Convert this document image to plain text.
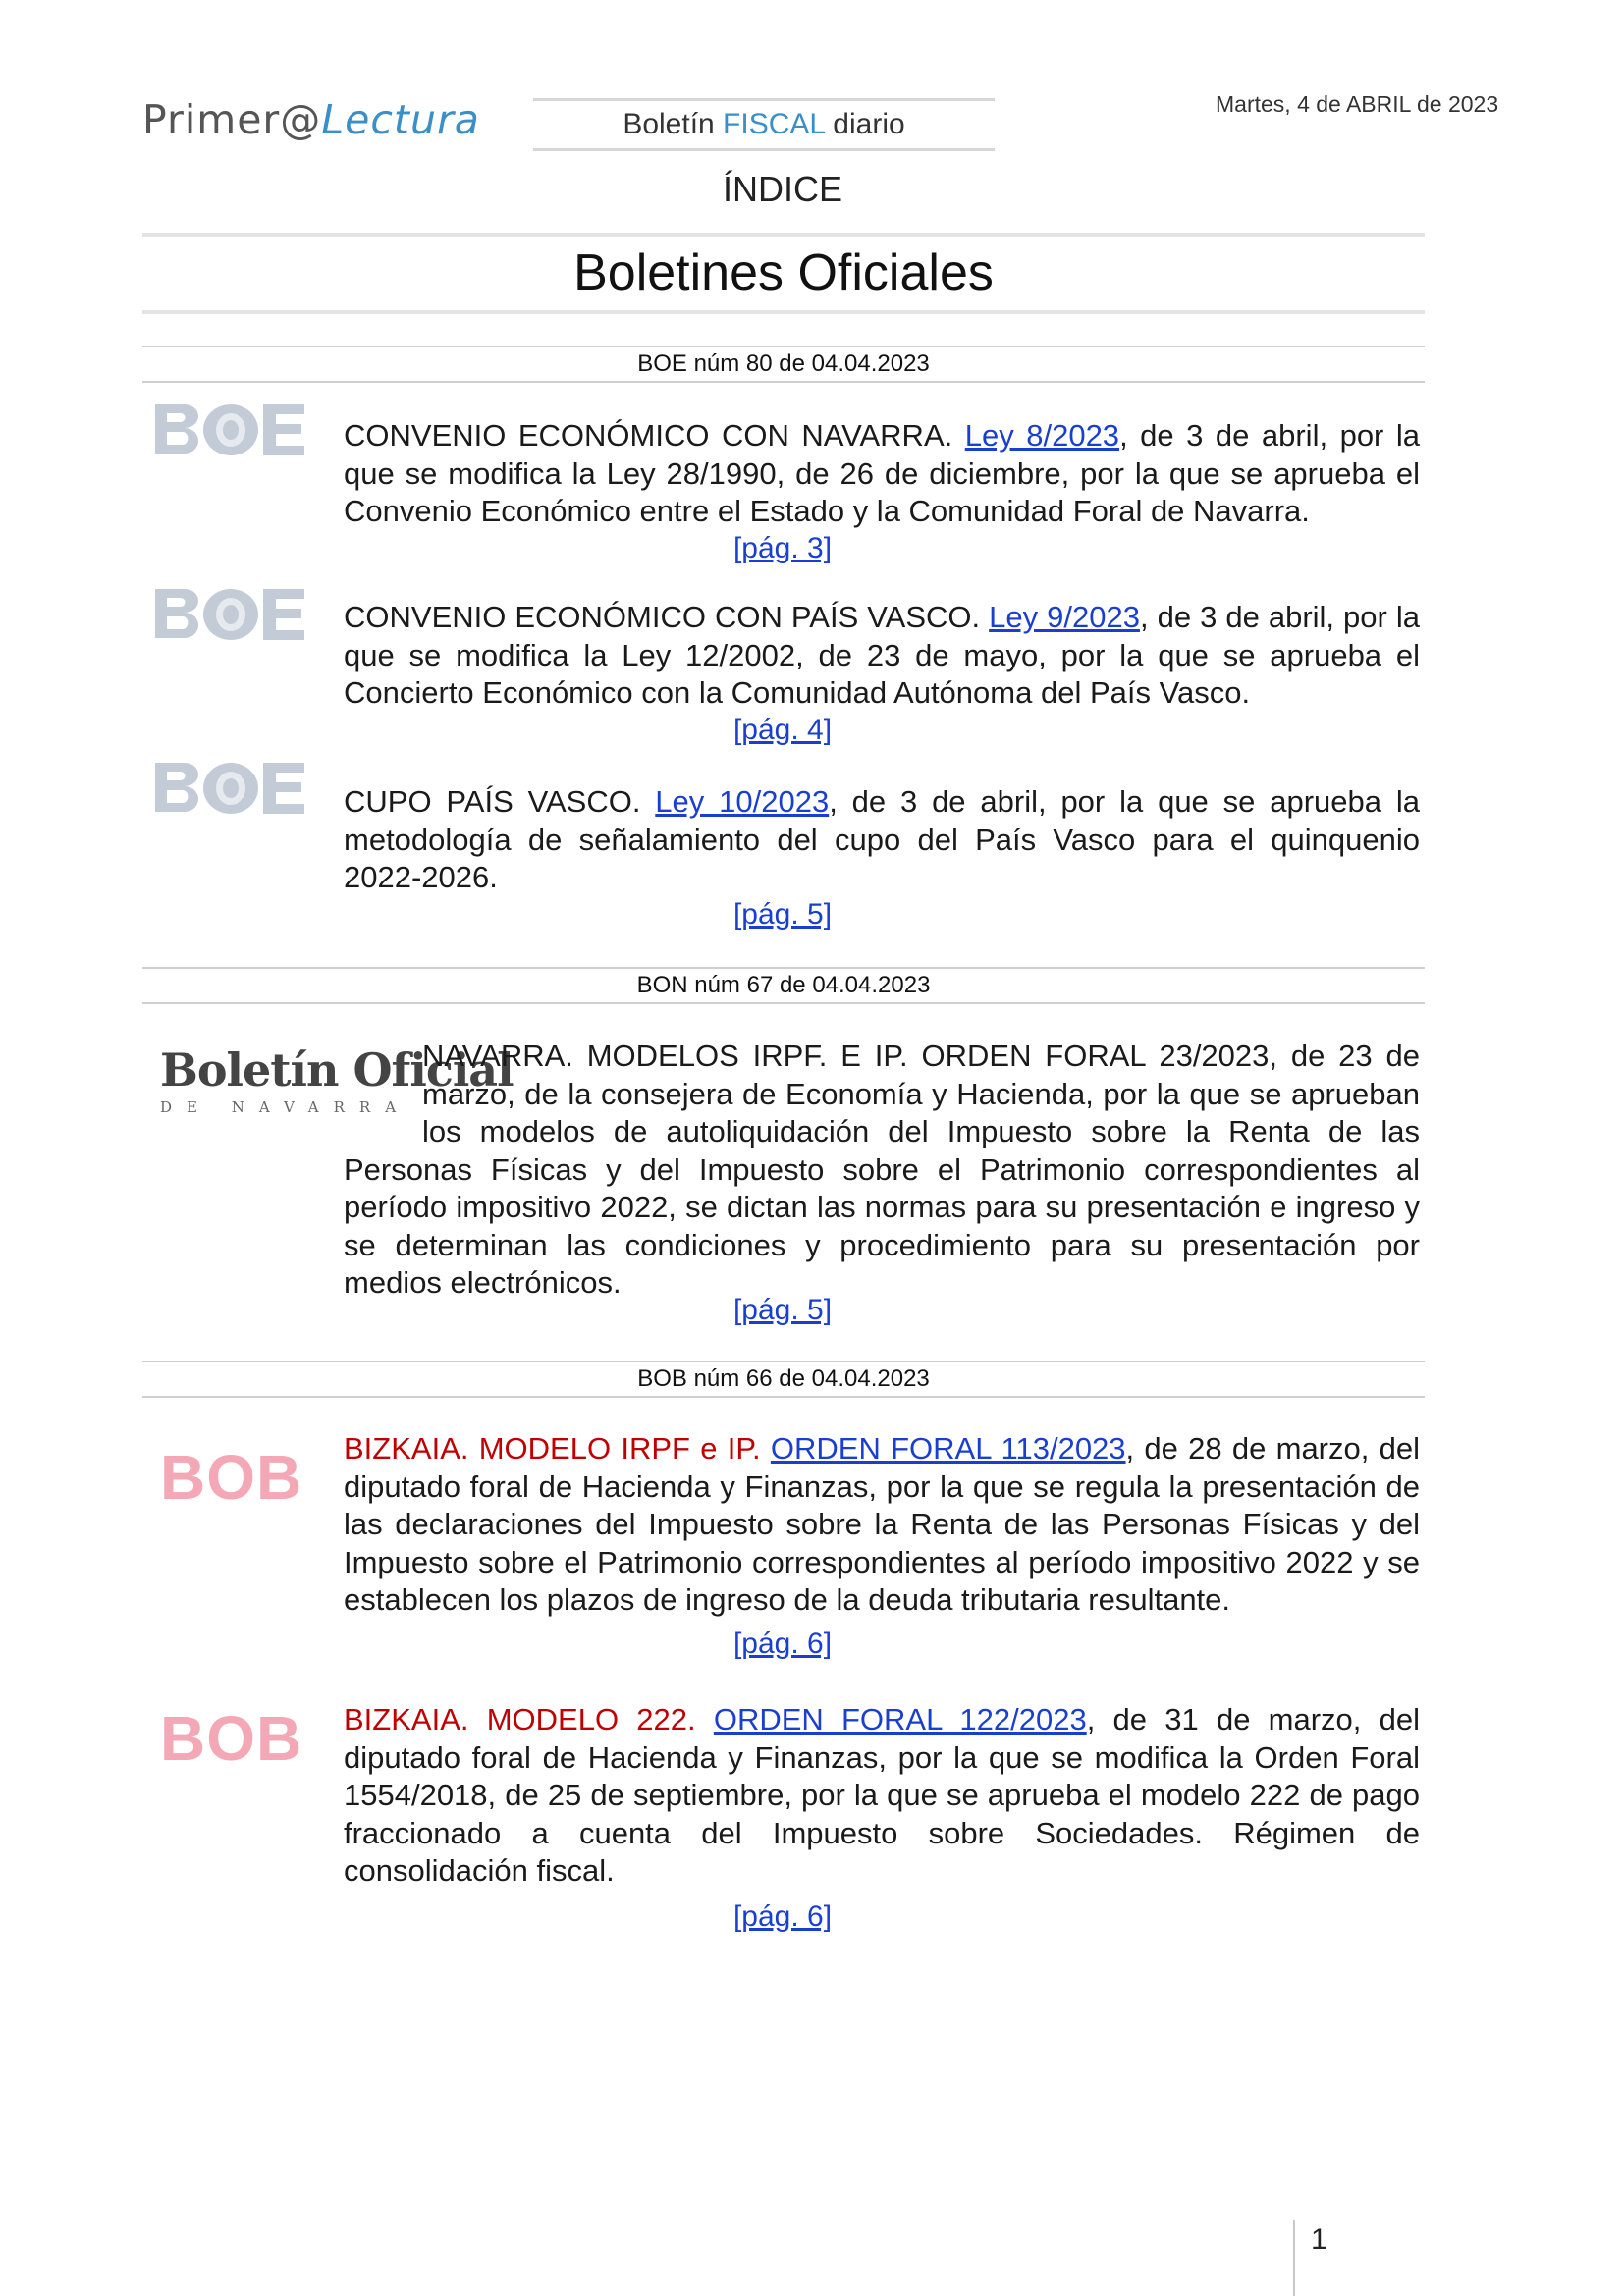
Primer@Lectura	Boletín FISCAL diario
Martes, 4 de ABRIL de 2023
ÍNDICE
Boletines Oficiales
BOE núm 80 de 04.04.2023
CONVENIO ECONÓMICO CON NAVARRA. Ley 8/2023, de 3 de abril, por la que se modifica la Ley 28/1990, de 26 de diciembre, por la que se aprueba el Convenio Económico entre el Estado y la Comunidad Foral de Navarra.
[pág. 3]
CONVENIO ECONÓMICO CON PAÍS VASCO. Ley 9/2023, de 3 de abril, por la que se modifica la Ley 12/2002, de 23 de mayo, por la que se aprueba el Concierto Económico con la Comunidad Autónoma del País Vasco.
[pág. 4]
CUPO PAÍS VASCO. Ley 10/2023, de 3 de abril, por la que se aprueba la metodología de señalamiento del cupo del País Vasco para el quinquenio 2022-2026.
[pág. 5]
BON núm 67 de 04.04.2023
Boletín Oficial
DE NAVARRA
NAVARRA. MODELOS IRPF. E IP. ORDEN FORAL 23/2023, de 23 de marzo, de la consejera de Economía y Hacienda, por la que se aprueban los modelos de autoliquidación del Impuesto sobre la Renta de las Personas Físicas y del Impuesto sobre el Patrimonio correspondientes al período impositivo 2022, se dictan las normas para su presentación e ingreso y se determinan las condiciones y procedimiento para su presentación por medios electrónicos.
[pág. 5]
BOB núm 66 de 04.04.2023
BOB BIZKAIA. MODELO IRPF e IP. ORDEN FORAL 113/2023, de 28 de marzo, del diputado foral de Hacienda y Finanzas, por la que se regula la presentación de las declaraciones del Impuesto sobre la Renta de las Personas Físicas y del Impuesto sobre el Patrimonio correspondientes al período impositivo 2022 y se establecen los plazos de ingreso de la deuda tributaria resultante.
[pág. 6]
BOB BIZKAIA. MODELO 222. ORDEN FORAL 122/2023, de 31 de marzo, del diputado foral de Hacienda y Finanzas, por la que se modifica la Orden Foral 1554/2018, de 25 de septiembre, por la que se aprueba el modelo 222 de pago fraccionado a cuenta del Impuesto sobre Sociedades. Régimen de consolidación fiscal.
[pág. 6]
1
